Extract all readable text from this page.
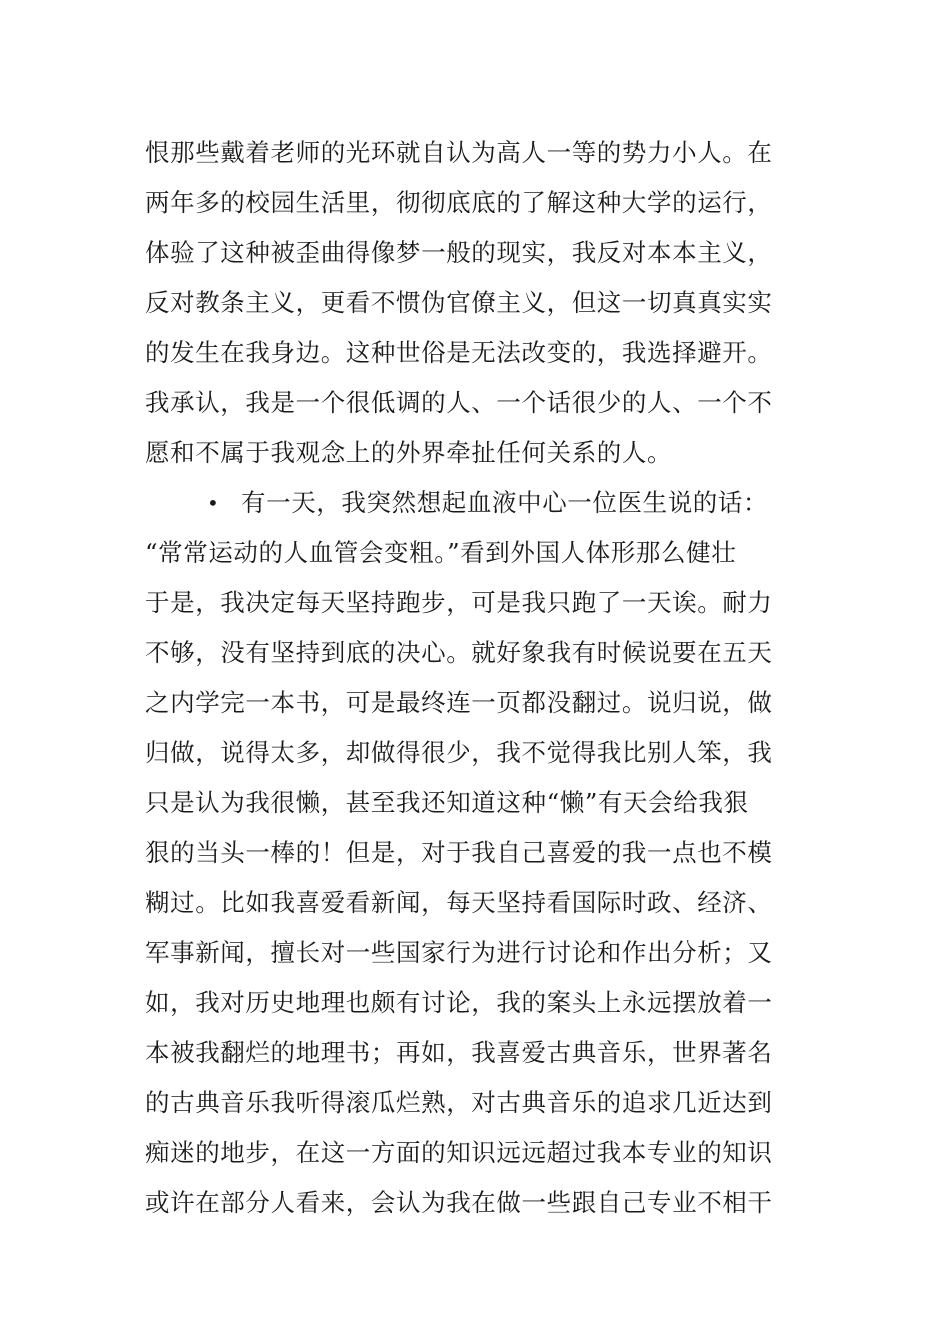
恨那些戴着老师的光环就自认为高人一等的势力小人。在
两年多的校园生活里，彻彻底底的了解这种大学的运行，
体验了这种被歪曲得像梦一般的现实，我反对本本主义，
反对教条主义，更看不惯伪官僚主义，但这一切真真实实
的发生在我身边。这种世俗是无法改变的，我选择避开。
我承认，我是一个很低调的人、一个话很少的人、一个不
愿和不属于我观念上的外界牵扯任何关系的人。
• 有一天，我突然想起血液中心一位医生说的话：
“常常运动的人血管会变粗。”看到外国人体形那么健壮
于是，我决定每天坚持跑步，可是我只跑了一天诶。耐力
不够，没有坚持到底的决心。就好象我有时候说要在五天
之内学完一本书，可是最终连一页都没翻过。说归说，做
归做，说得太多，却做得很少，我不觉得我比别人笨，我
只是认为我很懒，甚至我还知道这种“懒”有天会给我狠
狠的当头一棒的！但是，对于我自己喜爱的我一点也不模
糊过。比如我喜爱看新闻，每天坚持看国际时政、经济、
军事新闻，擅长对一些国家行为进行讨论和作出分析；又
如，我对历史地理也颇有讨论，我的案头上永远摆放着一
本被我翻烂的地理书；再如，我喜爱古典音乐，世界著名
的古典音乐我听得滚瓜烂熟，对古典音乐的追求几近达到
痴迷的地步，在这一方面的知识远远超过我本专业的知识
或许在部分人看来，会认为我在做一些跟自己专业不相干
